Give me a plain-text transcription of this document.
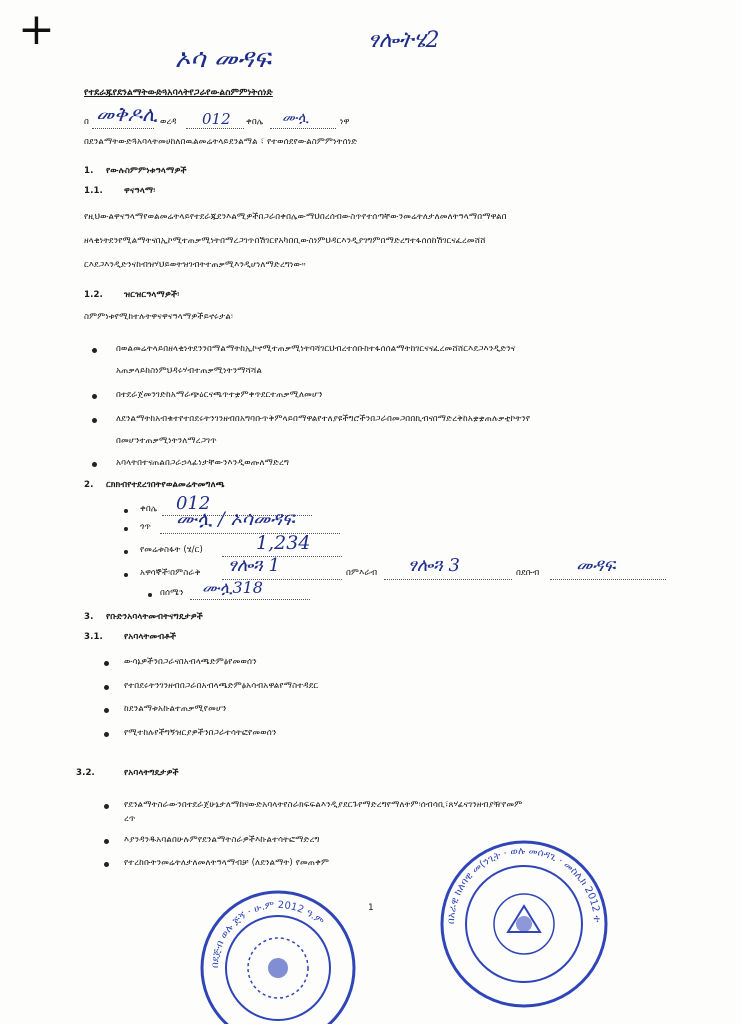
+
ኦሳ መዳፍ
ፃሎትሄ2
የተደራጁየደንልማትውድጓአባላትየጋራየውልስምምነትሰነድ
በ መቅዶሊ ወረዳ 012 ቀበሌ ሙሏ	ነዋ
በደንልማትውድጓአባላትመሀከለበዉልመሬትላይደንልማል ፣ የተወሰደየውልስምምነትሰነድ
1. የውሉስምምነቱዓላማዎች
1.1. ዋናዓላማ፡
የዚህውልዋናዓላማየወልመሬትላይየተደራጁደንእልሚዎችበጋራበቀበሌውማህበረሰብውስጥየተሰጣቸውንመሬትለታለመለትዓላማበማዋልበ
ዘላቂነትደንየሚልማትናበኢኮሚተጠቃሚነትበማረጋገጥበሽገርየአካበቢውስነምህዳርእንዲያገግምበማድረግተፋሰሰከሽገርናፈረመሸሸ
ርእደጋእንዲድንናከብዝሃህይወትዝገብትተጠቃሚእንዲሆነለማድረግነው።
1.2. ዝርዝርዓላማዎች፡
ስምምነቱየሚከተሉትዋናዋናዓላማዎችይኖሩታል፡
በወልመሬትላይበዘላቂነትደንንበማልማትከኢኮኖሚተጠቃሚነትባሻገርህብረተሰቡከተፋሰሰልማትከገርናናፈረመሸሸርእደጋእንዲድንና
አጠቃላይከስነምህዳሩሃብተጠቃሚነትንማሻሻል
በተደራጀመንገድከአማራጭዕርናጫጥተቋምቀጥደርተጠቃሚለመሆን
ለደንልማትከአብቁተየተበደሩትንገንዘብበአግባቡጥቅምላይበማዋልየተለያዩችግሮችንበጋራበመጋበበኪብናበማድረቅከአቋቋጠሉቃቲኮትንየ
በመሆንተጠቃሚነትንለማረጋገጥ
አባላትበተናጠልበጋራኃላፊነታቸውንእንዲወጡለማድረግ
2. ርክክብየተደረገበትየወልመሬትመግለጫ
ቀበሌ 012
ጎጥ ሙሏ / ኦሳመዳፍ
የመሬቱስፋት (ሄ/ር)	1,234
አዋሳኞች፡በምስራቅ ፃሎጓ 1	በምእራብ ፃሎጓ 3	በደቡብ መዳፍ
በሰሜን ሙሏ318
3. የቡድንአባላትመብትናግዴታዎች
3.1. የአባላትመብቶች
ውሳኔዎችንበጋራናበአብላጫድምፅየመወሰን
የተበደሩትንገንዘብበጋራበአብላጫድምፅአሳብአዋልየማስተዳደር
ከደንልማቱአኩልተጠቃሚየመሆን
የሚተከሉየችግኝዝርያዎችንበጋራተሳትፎየመወሰን
3.2.	የአባላትግዴታዎች
የደንልማትስራውንበተደራጀሁኔታለማከናውድአባላትየስራክፍፍልእንዲያደርጉየማድረግየማለትም፡ሰብሳቢ፣ጸሃፊናገንዘብያዥየመም
ረጥ
እያንዳንዱአባልበሁሉምየደንልማትስራዎችእኩልተሳትፎማድረግ
የተረከቡትንመሬትለታለመለትዓላማብቻ (ለደንልማት) የመጠቀም
1
በደጅብ ወሉ ጅኝ · ሁ.ም 2012 ዓ.ም	በአራዊ ከለባዊ መ(ንጊት · ወሉ መሰዳጊ · መስሊክ 2012 ተ
